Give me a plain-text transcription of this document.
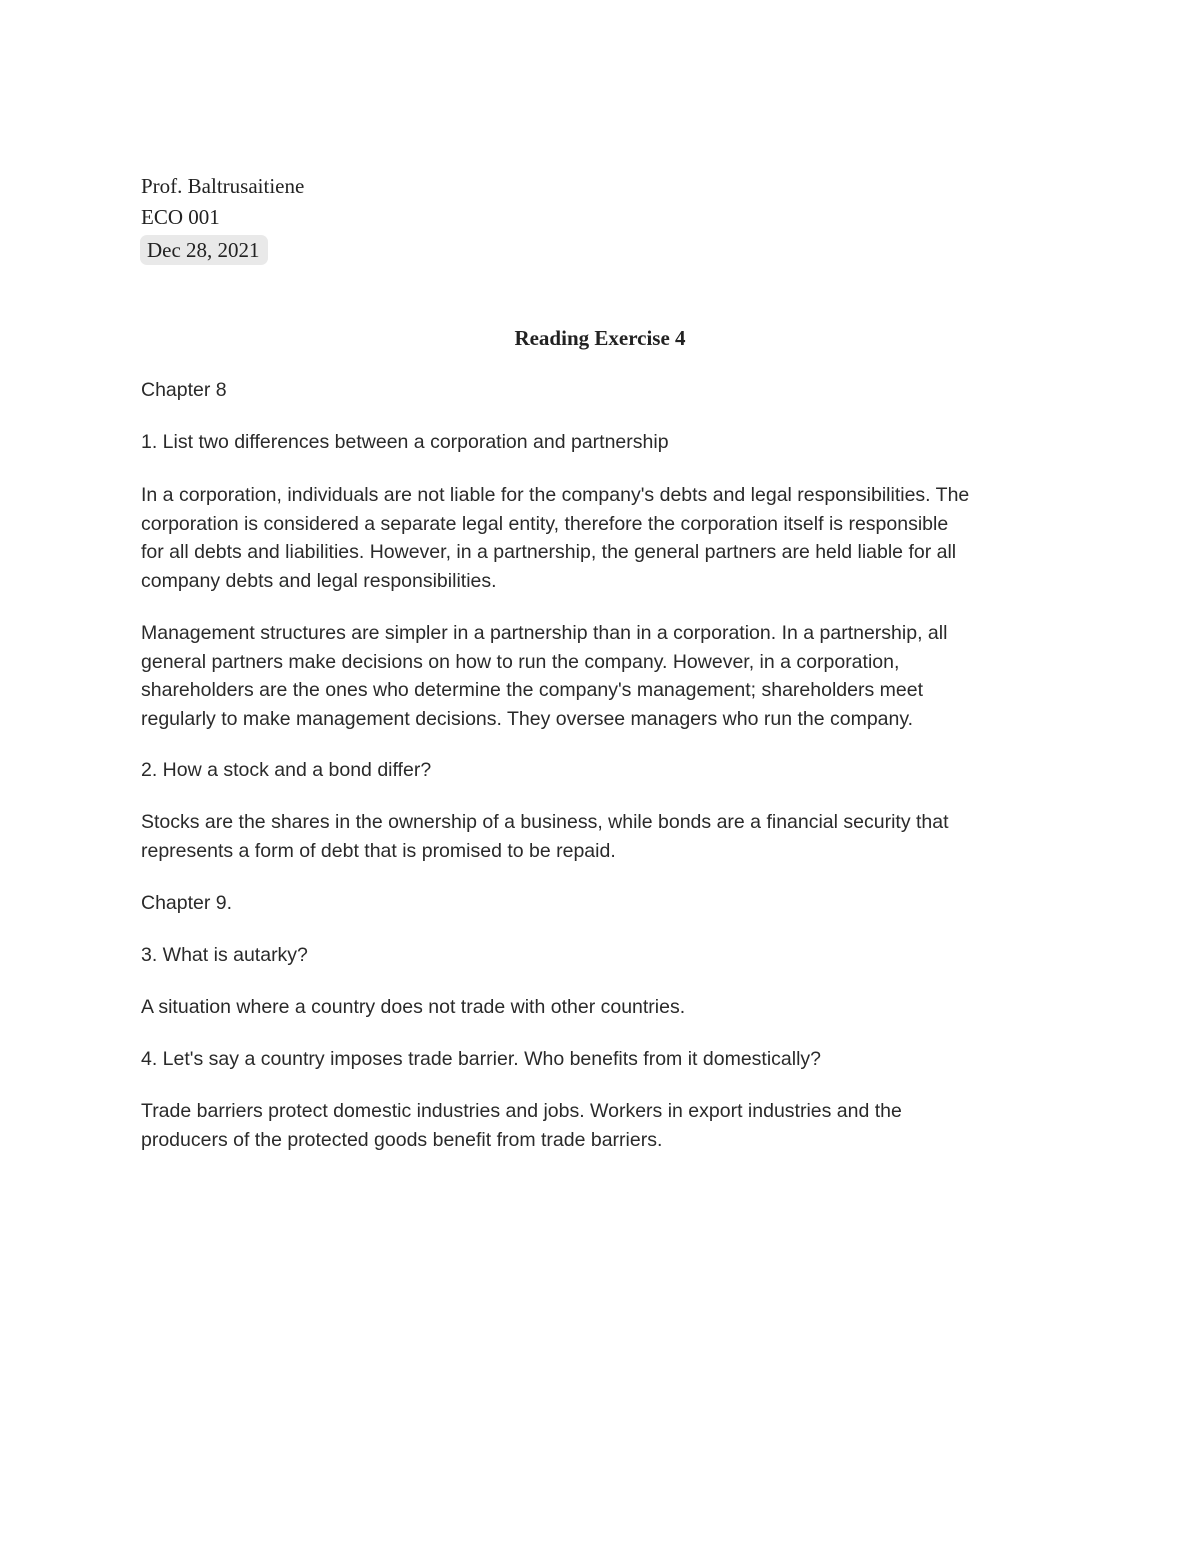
Prof. Baltrusaitiene
ECO 001
Dec 28, 2021
Reading Exercise 4

Chapter 8

1. List two differences between a corporation and partnership

In a corporation, individuals are not liable for the company's debts and legal responsibilities. The

corporation is considered a separate legal entity, therefore the corporation itself is responsible

for all debts and liabilities. However, in a partnership, the general partners are held liable for all

company debts and legal responsibilities.

Management structures are simpler in a partnership than in a corporation. In a partnership, all

general partners make decisions on how to run the company. However, in a corporation,

shareholders are the ones who determine the company's management; shareholders meet

regularly to make management decisions. They oversee managers who run the company.

2. How a stock and a bond differ?

Stocks are the shares in the ownership of a business, while bonds are a financial security that

represents a form of debt that is promised to be repaid.

Chapter 9.

3. What is autarky?

A situation where a country does not trade with other countries.

4. Let's say a country imposes trade barrier. Who benefits from it domestically?

Trade barriers protect domestic industries and jobs. Workers in export industries and the

producers of the protected goods benefit from trade barriers.
